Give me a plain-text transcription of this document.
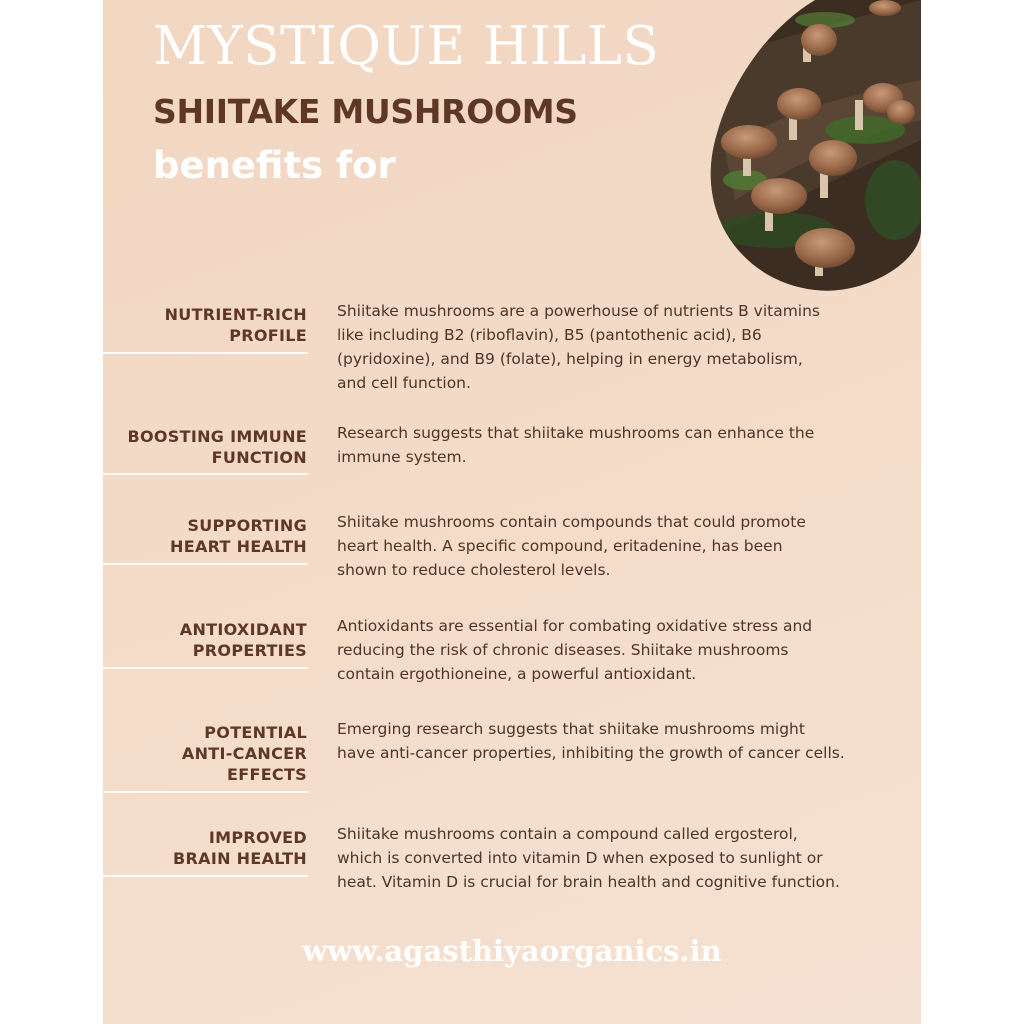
MYSTIQUE HILLS
SHIITAKE MUSHROOMS
benefits for
NUTRIENT-RICH
PROFILE
Shiitake mushrooms are a powerhouse of nutrients B vitamins
like including B2 (riboflavin), B5 (pantothenic acid), B6
(pyridoxine), and B9 (folate), helping in energy metabolism,
and cell function.
BOOSTING IMMUNE
FUNCTION
Research suggests that shiitake mushrooms can enhance the
immune system.
SUPPORTING
HEART HEALTH
Shiitake mushrooms contain compounds that could promote
heart health. A specific compound, eritadenine, has been
shown to reduce cholesterol levels.
ANTIOXIDANT
PROPERTIES
Antioxidants are essential for combating oxidative stress and
reducing the risk of chronic diseases. Shiitake mushrooms
contain ergothioneine, a powerful antioxidant.
POTENTIAL
ANTI-CANCER
EFFECTS
Emerging research suggests that shiitake mushrooms might
have anti-cancer properties, inhibiting the growth of cancer cells.
IMPROVED
BRAIN HEALTH
Shiitake mushrooms contain a compound called ergosterol,
which is converted into vitamin D when exposed to sunlight or
heat. Vitamin D is crucial for brain health and cognitive function.
www.agasthiyaorganics.in
